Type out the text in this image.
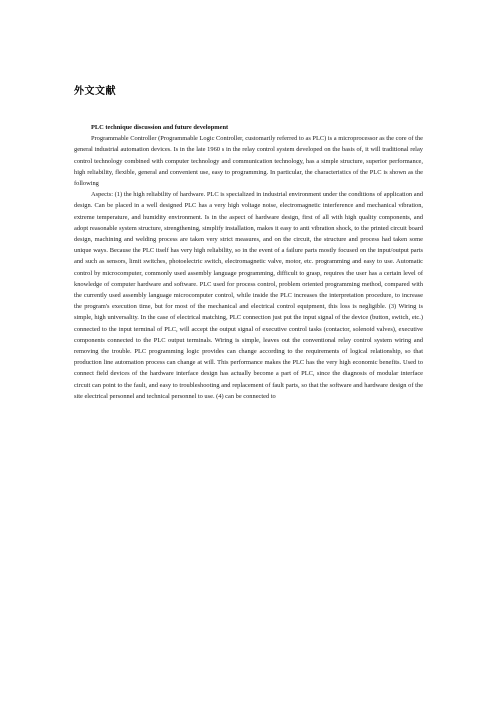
外文文献

PLC technique discussion and future development

Programmable Controller (Programmable Logic Controller, customarily referred to as PLC) is a microprocessor as the core of the general industrial automation devices. Is in the late 1960 s in the relay control system developed on the basis of, it will traditional relay control technology combined with computer technology and communication technology, has a simple structure, superior performance, high reliability, flexible, general and convenient use, easy to programming. In particular, the characteristics of the PLC is shown as the following

Aspects: (1) the high reliability of hardware. PLC is specialized in industrial environment under the conditions of application and design. Can be placed in a well designed PLC has a very high voltage noise, electromagnetic interference and mechanical vibration, extreme temperature, and humidity environment. Is in the aspect of hardware design, first of all with high quality components, and adopt reasonable system structure, strengthening, simplify installation, makes it easy to anti vibration shock, to the printed circuit board design, machining and welding process are taken very strict measures, and on the circuit, the structure and process had taken some unique ways. Because the PLC itself has very high reliability, so in the event of a failure parts mostly focused on the input/output parts and such as sensors, limit switches, photoelectric switch, electromagnetic valve, motor, etc. programming and easy to use. Automatic control by microcomputer, commonly used assembly language programming, difficult to grasp, requires the user has a certain level of knowledge of computer hardware and software. PLC used for process control, problem oriented programming method, compared with the currently used assembly language microcomputer control, while inside the PLC increases the interpretation procedure, to increase the program's execution time, but for most of the mechanical and electrical control equipment, this loss is negligible. (3) Wiring is simple, high universality. In the case of electrical matching, PLC connection just put the input signal of the device (button, switch, etc.) connected to the input terminal of PLC, will accept the output signal of executive control tasks (contactor, solenoid valves), executive components connected to the PLC output terminals. Wiring is simple, leaves out the conventional relay control system wiring and removing the trouble. PLC programming logic provides can change according to the requirements of logical relationship, so that production line automation process can change at will. This performance makes the PLC has the very high economic benefits. Used to connect field devices of the hardware interface design has actually become a part of PLC, since the diagnosis of modular interface circuit can point to the fault, and easy to troubleshooting and replacement of fault parts, so that the software and hardware design of the site electrical personnel and technical personnel to use. (4) can be connected to
